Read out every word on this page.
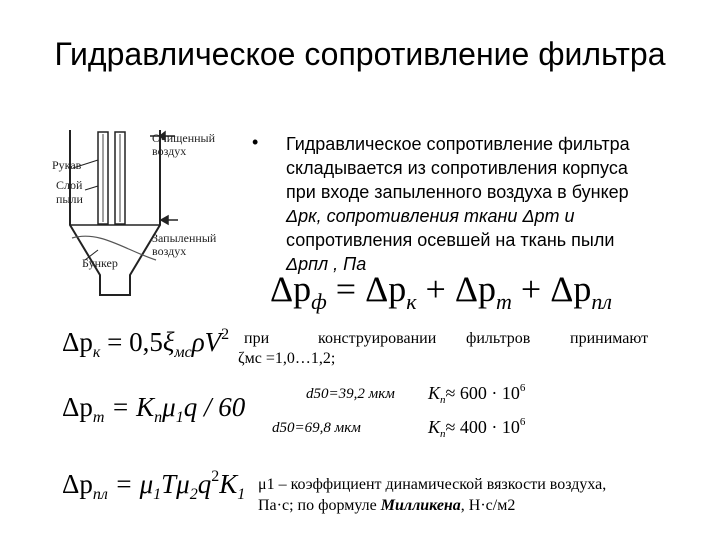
Гидравлическое сопротивление фильтра
Очищенный воздух
Рукав
Слой пыли
Запыленный воздух
Бункер
• Гидравлическое сопротивление фильтра
складывается из сопротивления корпуса
при входе запыленного воздуха в бункер
Δрк, сопротивления ткани Δрт и
сопротивления осевшей на ткань пыли
Δрпл , Па
$\Delta р_ф = \Delta р_к + \Delta р_т + \Delta р_{пл}$
$\Delta p_к = 0,5\xi_{мс}\rho V^2$ при	конструировании фильтров принимают
ζмс =1,0…1,2;
d50=39,2 мкм $K_п\approx 600 \cdot 10^6$
$\Delta p_т = K_п\mu_1q / 60$
d50=69,8 мкм	$K_п\approx 400 \cdot 10^6$
$\Delta p_{пл} = \mu_1T\mu_2q^2K_1$
μ1 – коэффициент динамической вязкости воздуха,
Па·с; по формуле Милликена, Н·с/м2
